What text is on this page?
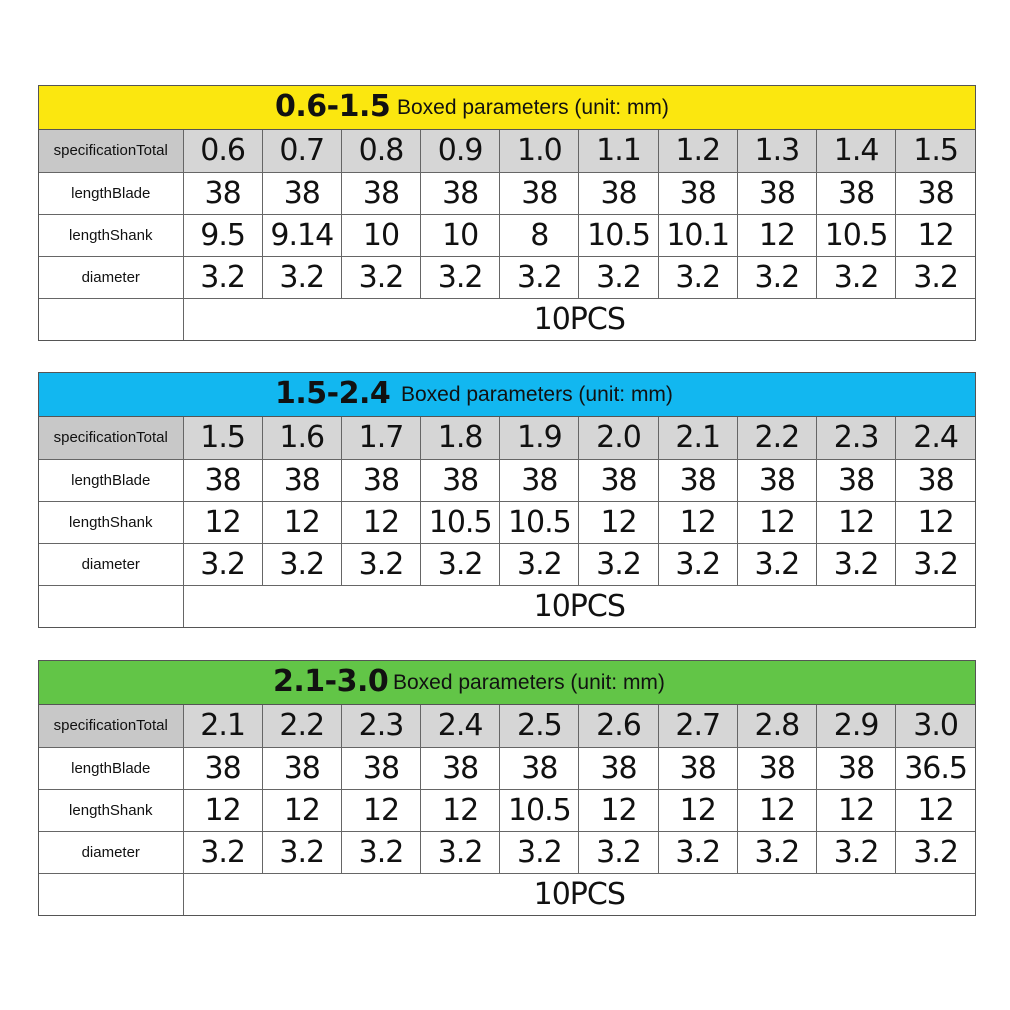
0.6-1.5 Boxed parameters (unit: mm)
specificationTotal	0.6	0.7	0.8	0.9	1.0	1.1	1.2	1.3	1.4	1.5
lengthBlade	38	38	38	38	38	38	38	38	38	38
lengthShank	9.5	9.14	10	10	8	10.5	10.1	12	10.5	12
diameter	3.2	3.2	3.2	3.2	3.2	3.2	3.2	3.2	3.2	3.2
	10PCS									
1.5-2.4 Boxed parameters (unit: mm)
specificationTotal	1.5	1.6	1.7	1.8	1.9	2.0	2.1	2.2	2.3	2.4
lengthBlade	38	38	38	38	38	38	38	38	38	38
lengthShank	12	12	12	10.5	10.5	12	12	12	12	12
diameter	3.2	3.2	3.2	3.2	3.2	3.2	3.2	3.2	3.2	3.2
	10PCS									
2.1-3.0 Boxed parameters (unit: mm)
specificationTotal	2.1	2.2	2.3	2.4	2.5	2.6	2.7	2.8	2.9	3.0
lengthBlade	38	38	38	38	38	38	38	38	38	36.5
lengthShank	12	12	12	12	10.5	12	12	12	12	12
diameter	3.2	3.2	3.2	3.2	3.2	3.2	3.2	3.2	3.2	3.2
	10PCS									
